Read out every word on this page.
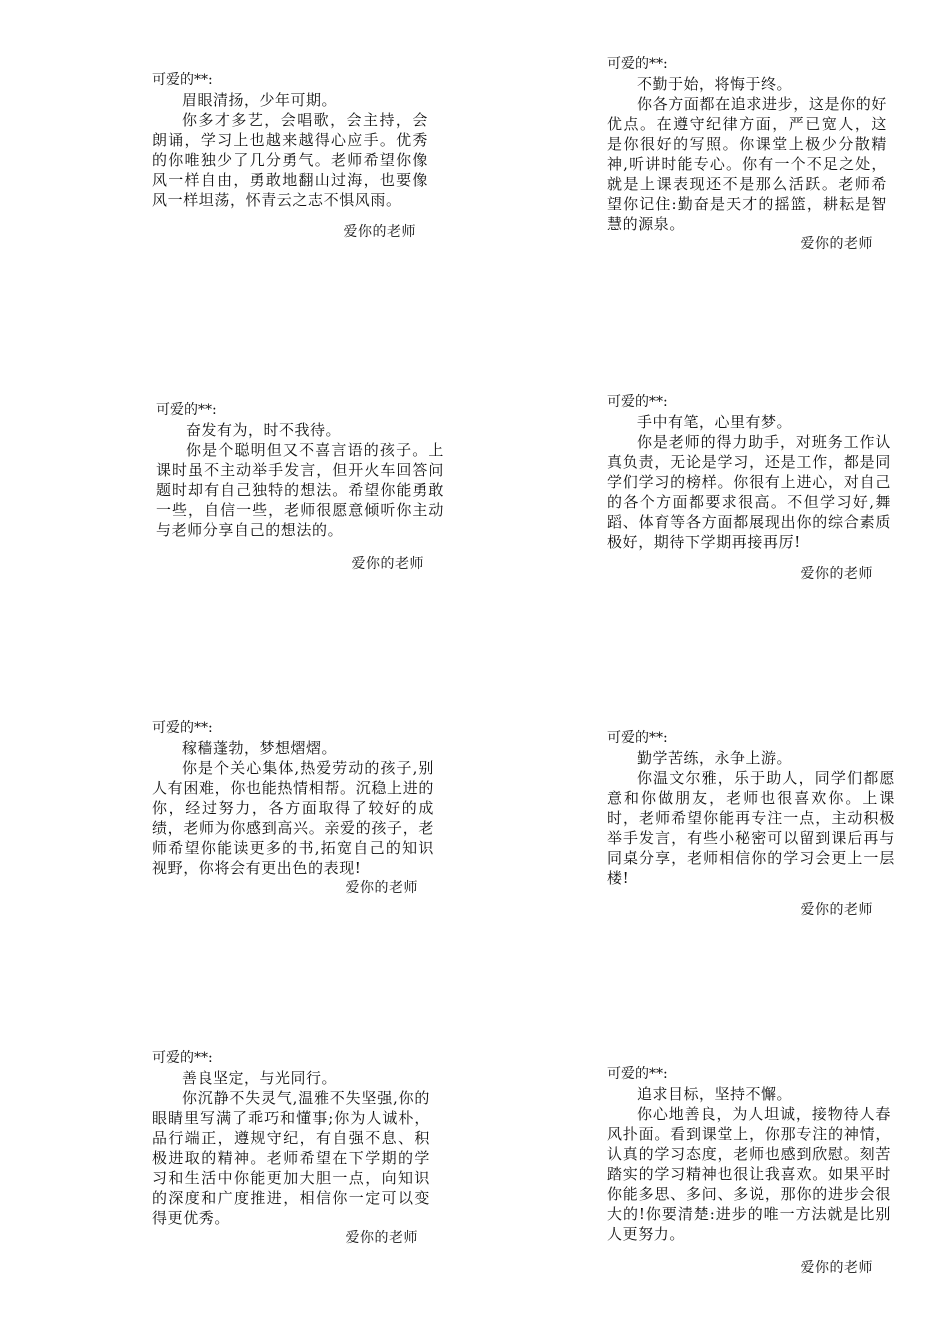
可爱的**:

眉眼清扬，少年可期。

你多才多艺，会唱歌，会主持，会朗诵，学习上也越来越得心应手。优秀的你唯独少了几分勇气。老师希望你像风一样自由，勇敢地翻山过海，也要像风一样坦荡，怀青云之志不惧风雨。

爱你的老师

可爱的**:

不勤于始，将悔于终。

你各方面都在追求进步，这是你的好优点。在遵守纪律方面，严已宽人，这是你很好的写照。你课堂上极少分散精神,听讲时能专心。你有一个不足之处，就是上课表现还不是那么活跃。老师希望你记住:勤奋是天才的摇篮，耕耘是智慧的源泉。

爱你的老师

可爱的**:

奋发有为，时不我待。

你是个聪明但又不喜言语的孩子。上课时虽不主动举手发言，但开火车回答问题时却有自己独特的想法。希望你能勇敢一些，自信一些，老师很愿意倾听你主动与老师分享自己的想法的。

爱你的老师

可爱的**:

手中有笔，心里有梦。

你是老师的得力助手，对班务工作认真负责，无论是学习，还是工作，都是同学们学习的榜样。你很有上进心，对自己的各个方面都要求很高。不但学习好,舞蹈、体育等各方面都展现出你的综合素质极好，期待下学期再接再厉!

爱你的老师

可爱的**:

稼穑蓬勃，梦想熠熠。

你是个关心集体,热爱劳动的孩子,别人有困难，你也能热情相帮。沉稳上进的你，经过努力，各方面取得了较好的成绩，老师为你感到高兴。亲爱的孩子，老师希望你能读更多的书,拓宽自己的知识视野，你将会有更出色的表现!

爱你的老师

可爱的**:

勤学苦练，永争上游。

你温文尔雅，乐于助人，同学们都愿意和你做朋友，老师也很喜欢你。上课时，老师希望你能再专注一点，主动积极举手发言，有些小秘密可以留到课后再与同桌分享，老师相信你的学习会更上一层楼!

爱你的老师

可爱的**:

善良坚定，与光同行。

你沉静不失灵气,温雅不失坚强,你的眼睛里写满了乖巧和懂事;你为人诚朴，品行端正，遵规守纪，有自强不息、积极进取的精神。老师希望在下学期的学习和生活中你能更加大胆一点，向知识的深度和广度推进，相信你一定可以变得更优秀。

爱你的老师

可爱的**:

追求目标，坚持不懈。

你心地善良，为人坦诚，接物待人春风扑面。看到课堂上，你那专注的神情，认真的学习态度，老师也感到欣慰。刻苦踏实的学习精神也很让我喜欢。如果平时你能多思、多问、多说，那你的进步会很大的!你要清楚:进步的唯一方法就是比别人更努力。

爱你的老师
